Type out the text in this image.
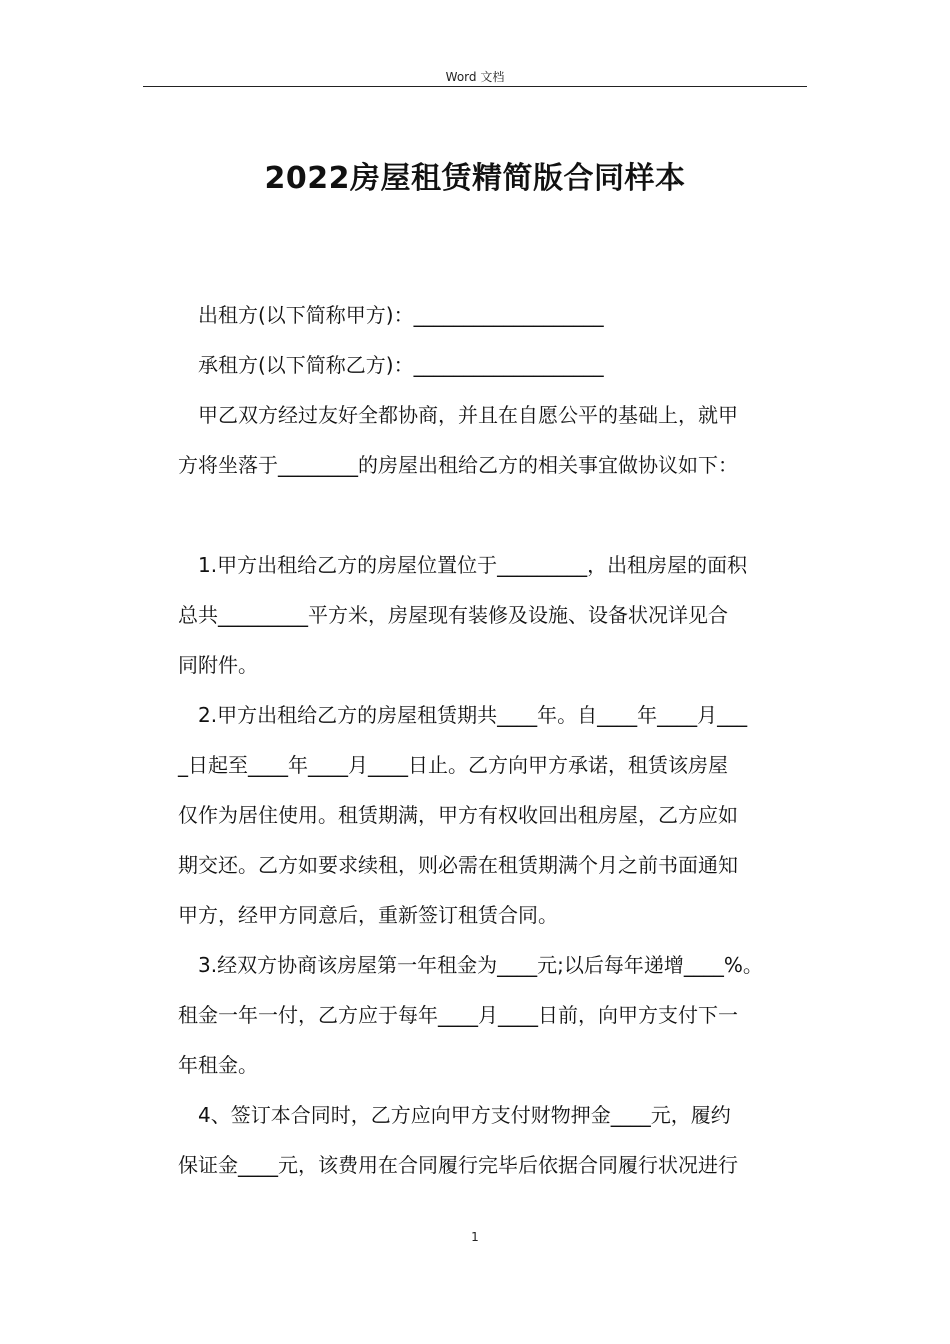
Word 文档
2022房屋租赁精简版合同样本
　出租方(以下简称甲方)：___________________
　承租方(以下简称乙方)：___________________
　甲乙双方经过友好全都协商，并且在自愿公平的基础上，就甲
方将坐落于________的房屋出租给乙方的相关事宜做协议如下：
　1.甲方出租给乙方的房屋位置位于_________，出租房屋的面积
总共_________平方米，房屋现有装修及设施、设备状况详见合
同附件。
　2.甲方出租给乙方的房屋租赁期共____年。自____年____月___
_日起至____年____月____日止。乙方向甲方承诺，租赁该房屋
仅作为居住使用。租赁期满，甲方有权收回出租房屋，乙方应如
期交还。乙方如要求续租，则必需在租赁期满个月之前书面通知
甲方，经甲方同意后，重新签订租赁合同。
　3.经双方协商该房屋第一年租金为____元;以后每年递增____%。
租金一年一付，乙方应于每年____月____日前，向甲方支付下一
年租金。
　4、签订本合同时，乙方应向甲方支付财物押金____元，履约
保证金____元，该费用在合同履行完毕后依据合同履行状况进行
1
